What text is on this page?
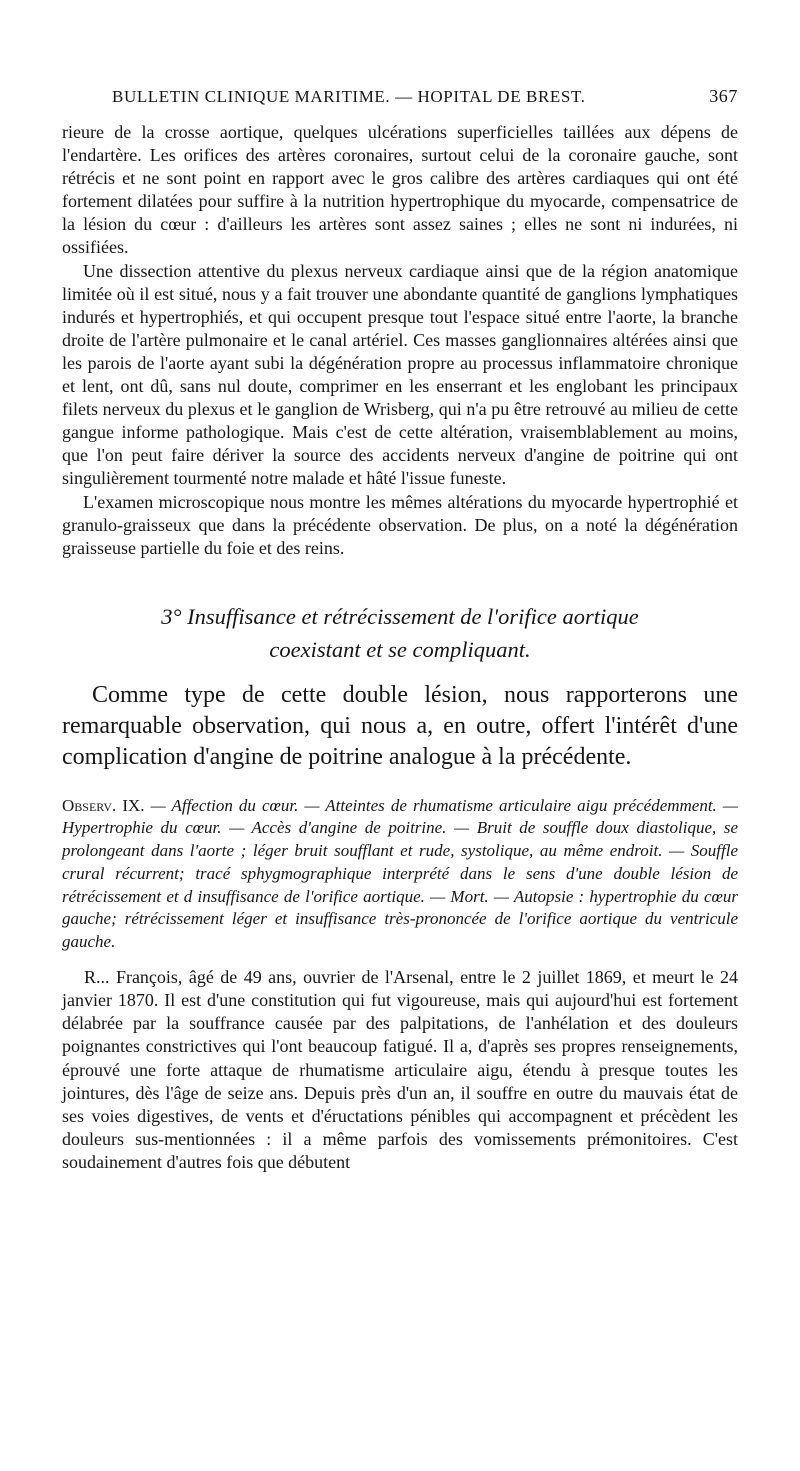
BULLETIN CLINIQUE MARITIME. — HOPITAL DE BREST.	367

rieure de la crosse aortique, quelques ulcérations superficielles taillées aux dépens de l'endartère. Les orifices des artères coronaires, surtout celui de la coronaire gauche, sont rétrécis et ne sont point en rapport avec le gros calibre des artères cardiaques qui ont été fortement dilatées pour suffire à la nutrition hypertrophique du myocarde, compensatrice de la lésion du cœur : d'ailleurs les artères sont assez saines ; elles ne sont ni indurées, ni ossifiées.

Une dissection attentive du plexus nerveux cardiaque ainsi que de la région anatomique limitée où il est situé, nous y a fait trouver une abondante quantité de ganglions lymphatiques indurés et hypertrophiés, et qui occupent presque tout l'espace situé entre l'aorte, la branche droite de l'artère pulmonaire et le canal artériel. Ces masses ganglionnaires altérées ainsi que les parois de l'aorte ayant subi la dégénération propre au processus inflammatoire chronique et lent, ont dû, sans nul doute, comprimer en les enserrant et les englobant les principaux filets nerveux du plexus et le ganglion de Wrisberg, qui n'a pu être retrouvé au milieu de cette gangue informe pathologique. Mais c'est de cette altération, vraisemblablement au moins, que l'on peut faire dériver la source des accidents nerveux d'angine de poitrine qui ont singulièrement tourmenté notre malade et hâté l'issue funeste.

L'examen microscopique nous montre les mêmes altérations du myocarde hypertrophié et granulo-graisseux que dans la précédente observation. De plus, on a noté la dégénération graisseuse partielle du foie et des reins.

3° Insuffisance et rétrécissement de l'orifice aortique
coexistant et se compliquant.

Comme type de cette double lésion, nous rapporterons une remarquable observation, qui nous a, en outre, offert l'intérêt d'une complication d'angine de poitrine analogue à la précédente.

Observ. IX. — Affection du cœur. — Atteintes de rhumatisme articulaire aigu précédemment. — Hypertrophie du cœur. — Accès d'angine de poitrine. — Bruit de souffle doux diastolique, se prolongeant dans l'aorte ; léger bruit soufflant et rude, systolique, au même endroit. — Souffle crural récurrent; tracé sphygmographique interprété dans le sens d'une double lésion de rétrécissement et d insuffisance de l'orifice aortique. — Mort. — Autopsie : hypertrophie du cœur gauche; rétrécissement léger et insuffisance très-prononcée de l'orifice aortique du ventricule gauche.

R... François, âgé de 49 ans, ouvrier de l'Arsenal, entre le 2 juillet 1869, et meurt le 24 janvier 1870. Il est d'une constitution qui fut vigoureuse, mais qui aujourd'hui est fortement délabrée par la souffrance causée par des palpitations, de l'anhélation et des douleurs poignantes constrictives qui l'ont beaucoup fatigué. Il a, d'après ses propres renseignements, éprouvé une forte attaque de rhumatisme articulaire aigu, étendu à presque toutes les jointures, dès l'âge de seize ans. Depuis près d'un an, il souffre en outre du mauvais état de ses voies digestives, de vents et d'éructations pénibles qui accompagnent et précèdent les douleurs sus-mentionnées : il a même parfois des vomissements prémonitoires. C'est soudainement d'autres fois que débutent
